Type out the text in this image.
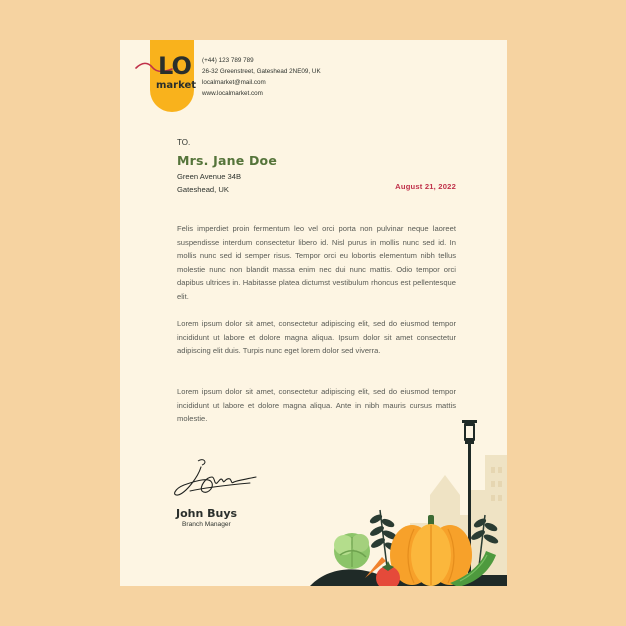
LO
market
(+44) 123 789 789
26-32 Greenstreet, Gateshead 2NE09, UK
localmarket@mail.com
www.localmarket.com
TO.
Mrs. Jane Doe
Green Avenue 34B
Gateshead, UK	August 21, 2022

Felis imperdiet proin fermentum leo vel orci porta non pulvinar neque laoreet suspendisse interdum consectetur libero id. Nisl purus in mollis nunc sed id. In mollis nunc sed id semper risus. Tempor orci eu lobortis elementum nibh tellus molestie nunc non blandit massa enim nec dui nunc mattis. Odio tempor orci dapibus ultrices in. Habitasse platea dictumst vestibulum rhoncus est pellentesque elit.

Lorem ipsum dolor sit amet, consectetur adipiscing elit, sed do eiusmod tempor incididunt ut labore et dolore magna aliqua. Ipsum dolor sit amet consectetur adipiscing elit duis. Turpis nunc eget lorem dolor sed viverra.

Lorem ipsum dolor sit amet, consectetur adipiscing elit, sed do eiusmod tempor incididunt ut labore et dolore magna aliqua. Ante in nibh mauris cursus mattis molestie.

John Buys
Branch Manager
